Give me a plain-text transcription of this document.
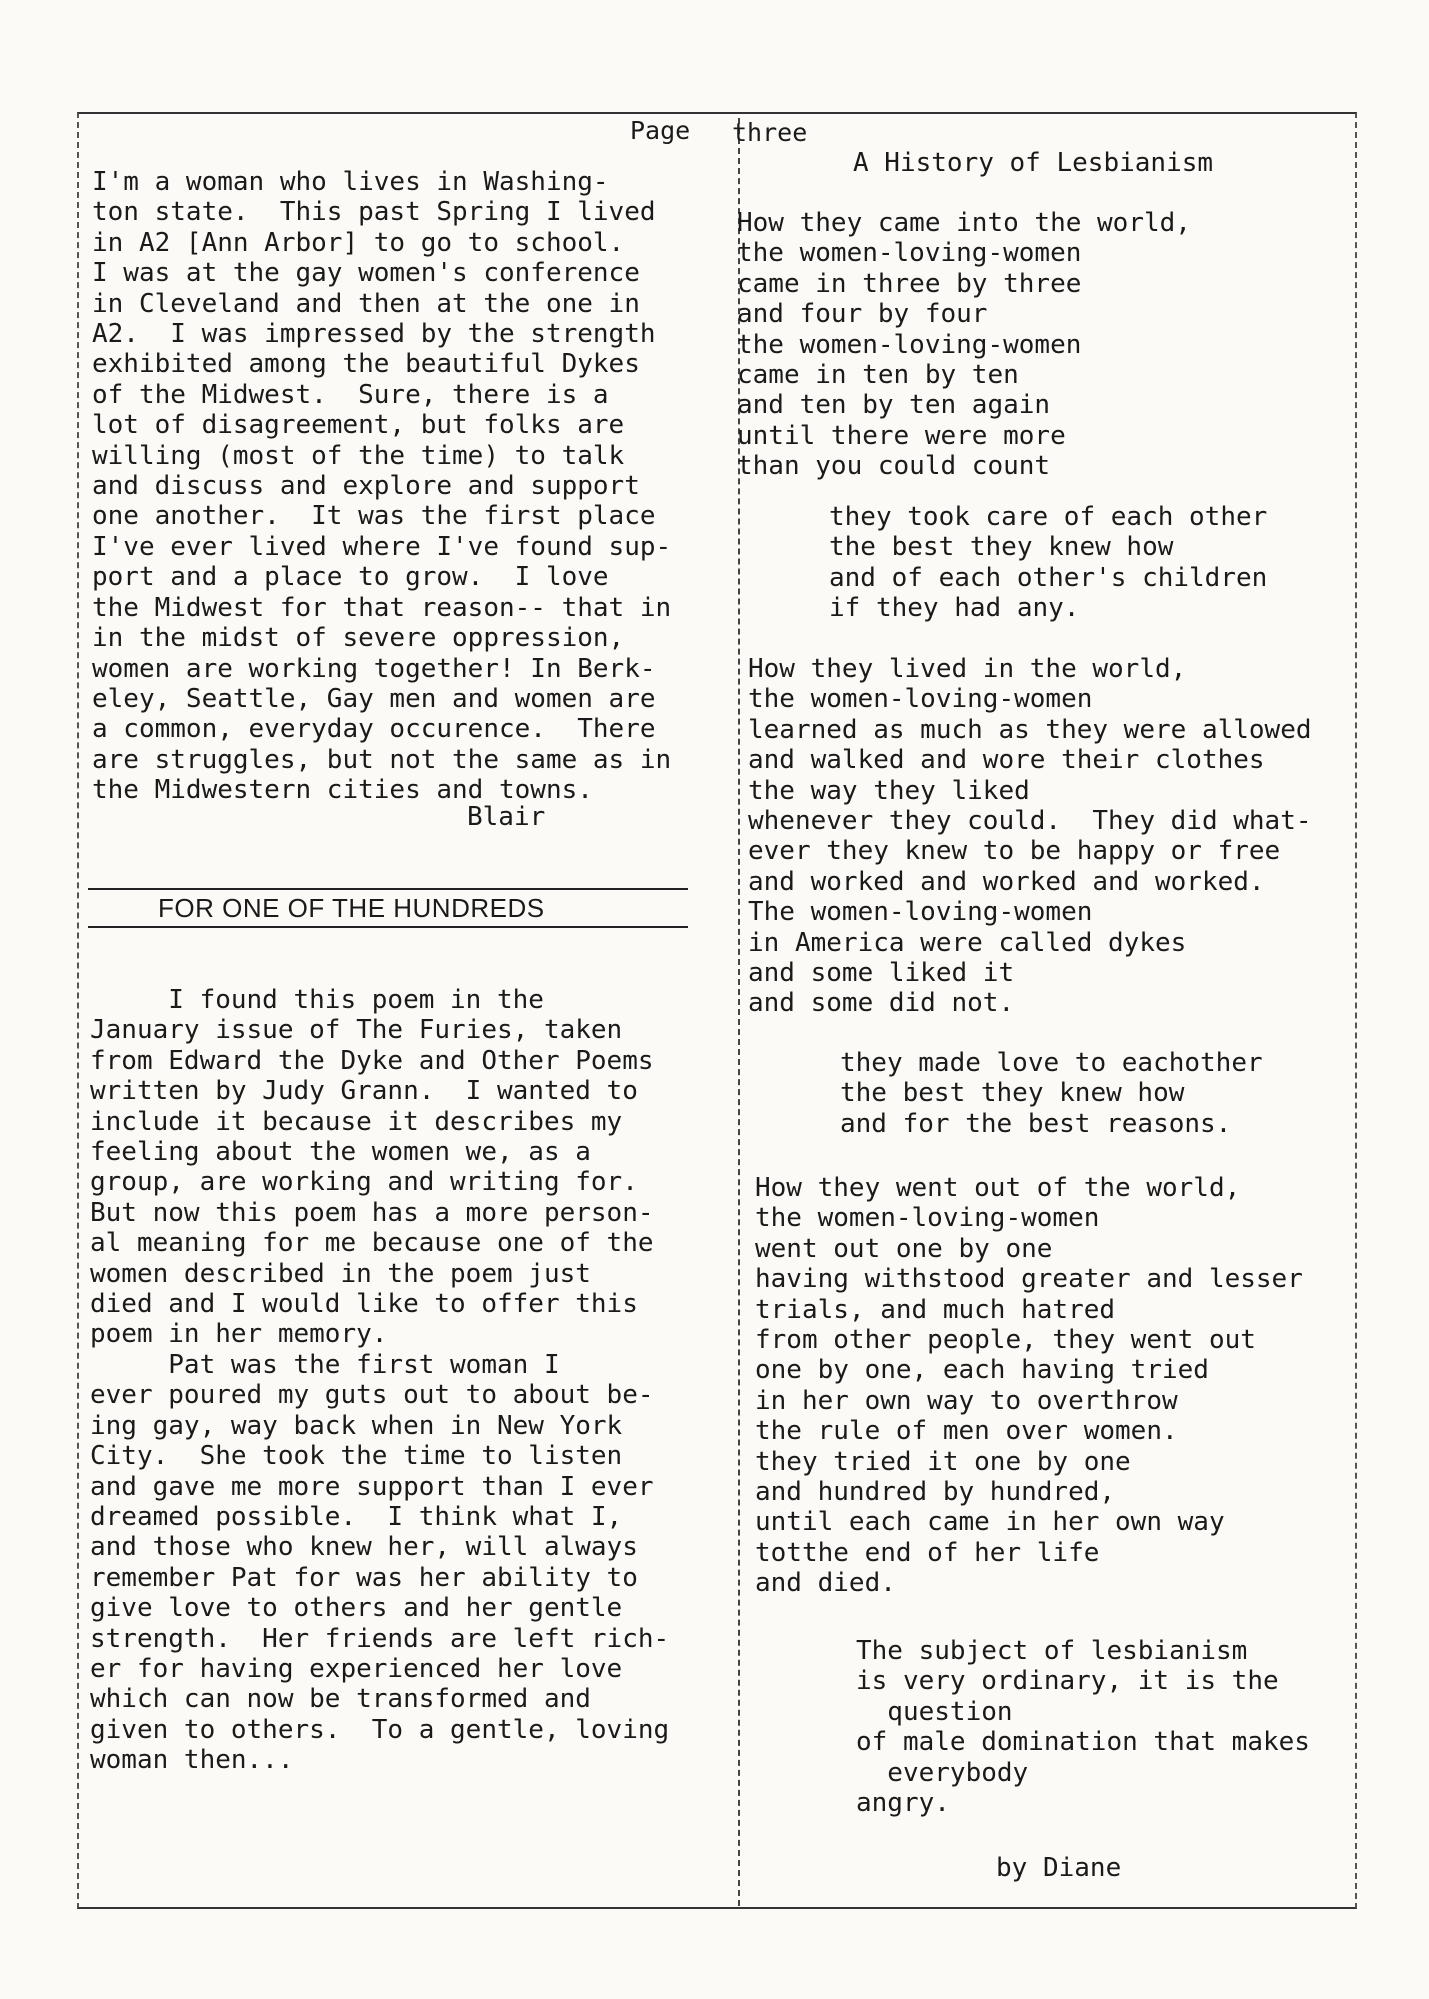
Page three
I'm a woman who lives in Washing-
ton state.  This past Spring I lived
in A2 [Ann Arbor] to go to school.
I was at the gay women's conference
in Cleveland and then at the one in
A2.  I was impressed by the strength
exhibited among the beautiful Dykes
of the Midwest.  Sure, there is a
lot of disagreement, but folks are
willing (most of the time) to talk
and discuss and explore and support
one another.  It was the first place
I've ever lived where I've found sup-
port and a place to grow.  I love
the Midwest for that reason-- that in
in the midst of severe oppression,
women are working together! In Berk-
eley, Seattle, Gay men and women are
a common, everyday occurence.  There
are struggles, but not the same as in
the Midwestern cities and towns.
Blair
FOR ONE OF THE HUNDREDS
I found this poem in the
January issue of The Furies, taken
from Edward the Dyke and Other Poems
written by Judy Grann.  I wanted to
include it because it describes my
feeling about the women we, as a
group, are working and writing for.
But now this poem has a more person-
al meaning for me because one of the
women described in the poem just
died and I would like to offer this
poem in her memory.
Pat was the first woman I
ever poured my guts out to about be-
ing gay, way back when in New York
City.  She took the time to listen
and gave me more support than I ever
dreamed possible.  I think what I,
and those who knew her, will always
remember Pat for was her ability to
give love to others and her gentle
strength.  Her friends are left rich-
er for having experienced her love
which can now be transformed and
given to others.  To a gentle, loving
woman then...
A History of Lesbianism
How they came into the world,
the women-loving-women
came in three by three
and four by four
the women-loving-women
came in ten by ten
and ten by ten again
until there were more
than you could count
they took care of each other
the best they knew how
and of each other's children
if they had any.
How they lived in the world,
the women-loving-women
learned as much as they were allowed
and walked and wore their clothes
the way they liked
whenever they could.  They did what-
ever they knew to be happy or free
and worked and worked and worked.
The women-loving-women
in America were called dykes
and some liked it
and some did not.
they made love to eachother
the best they knew how
and for the best reasons.
How they went out of the world,
the women-loving-women
went out one by one
having withstood greater and lesser
trials, and much hatred
from other people, they went out
one by one, each having tried
in her own way to overthrow
the rule of men over women.
they tried it one by one
and hundred by hundred,
until each came in her own way
totthe end of her life
and died.
The subject of lesbianism
is very ordinary, it is the
question
of male domination that makes
everybody
angry.
by Diane
